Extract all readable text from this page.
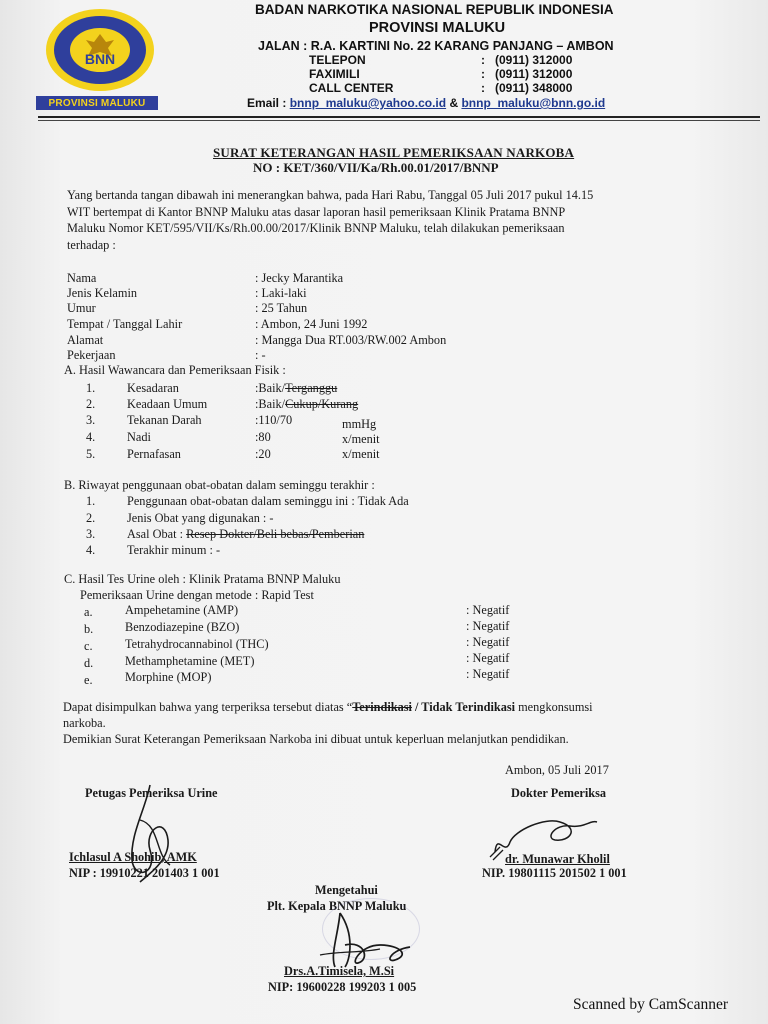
BNN
PROVINSI MALUKU
BADAN NARKOTIKA NASIONAL REPUBLIK INDONESIA
PROVINSI MALUKU
JALAN : R.A. KARTINI No. 22 KARANG PANJANG – AMBON
TELEPON	: (0911) 312000
FAXIMILI	: (0911) 312000
CALL CENTER	: (0911) 348000
Email : bnnp_maluku@yahoo.co.id & bnnp_maluku@bnn.go.id
SURAT KETERANGAN HASIL PEMERIKSAAN NARKOBA
NO : KET/360/VII/Ka/Rh.00.01/2017/BNNP
Yang bertanda tangan dibawah ini menerangkan bahwa, pada Hari Rabu, Tanggal 05 Juli 2017 pukul 14.15
WIT bertempat di Kantor BNNP Maluku atas dasar laporan hasil pemeriksaan Klinik Pratama BNNP
Maluku Nomor KET/595/VII/Ks/Rh.00.00/2017/Klinik BNNP Maluku, telah dilakukan pemeriksaan
terhadap :
Nama	: Jecky Marantika
Jenis Kelamin	: Laki-laki
Umur	: 25 Tahun
Tempat / Tanggal Lahir	: Ambon, 24 Juni 1992
Alamat	: Mangga Dua RT.003/RW.002 Ambon
Pekerjaan	: -
A. Hasil Wawancara dan Pemeriksaan Fisik :
1.	Kesadaran	:Baik/Terganggu
2.	Keadaan Umum	:Baik/Cukup/Kurang
3.	Tekanan Darah	:110/70	mmHg
4.	Nadi	:80	x/menit
5.	Pernafasan	:20	x/menit
B. Riwayat penggunaan obat-obatan dalam seminggu terakhir :
1.	Penggunaan obat-obatan dalam seminggu ini : Tidak Ada
2.	Jenis Obat yang digunakan : -
3.	Asal Obat : Resep Dokter/Beli bebas/Pemberian
4.	Terakhir minum : -
C. Hasil Tes Urine oleh : Klinik Pratama BNNP Maluku
Pemeriksaan Urine dengan metode : Rapid Test
a.	Ampehetamine (AMP)	: Negatif
b.	Benzodiazepine (BZO)	: Negatif
c.	Tetrahydrocannabinol (THC)	: Negatif
d.	Methamphetamine (MET)	: Negatif
e.	Morphine (MOP)	: Negatif
Dapat disimpulkan bahwa yang terperiksa tersebut diatas “Terindikasi / Tidak Terindikasi mengkonsumsi
narkoba.
Demikian Surat Keterangan Pemeriksaan Narkoba ini dibuat untuk keperluan melanjutkan pendidikan.
Ambon, 05 Juli 2017
Petugas Pemeriksa Urine	Dokter Pemeriksa
Ichlasul A Shohib, AMK
NIP : 19910221 201403 1 001
dr. Munawar Kholil
NIP. 19801115 201502 1 001
Mengetahui
Plt. Kepala BNNP Maluku
Drs.A.Timisela, M.Si
NIP: 19600228 199203 1 005
Scanned by CamScanner
